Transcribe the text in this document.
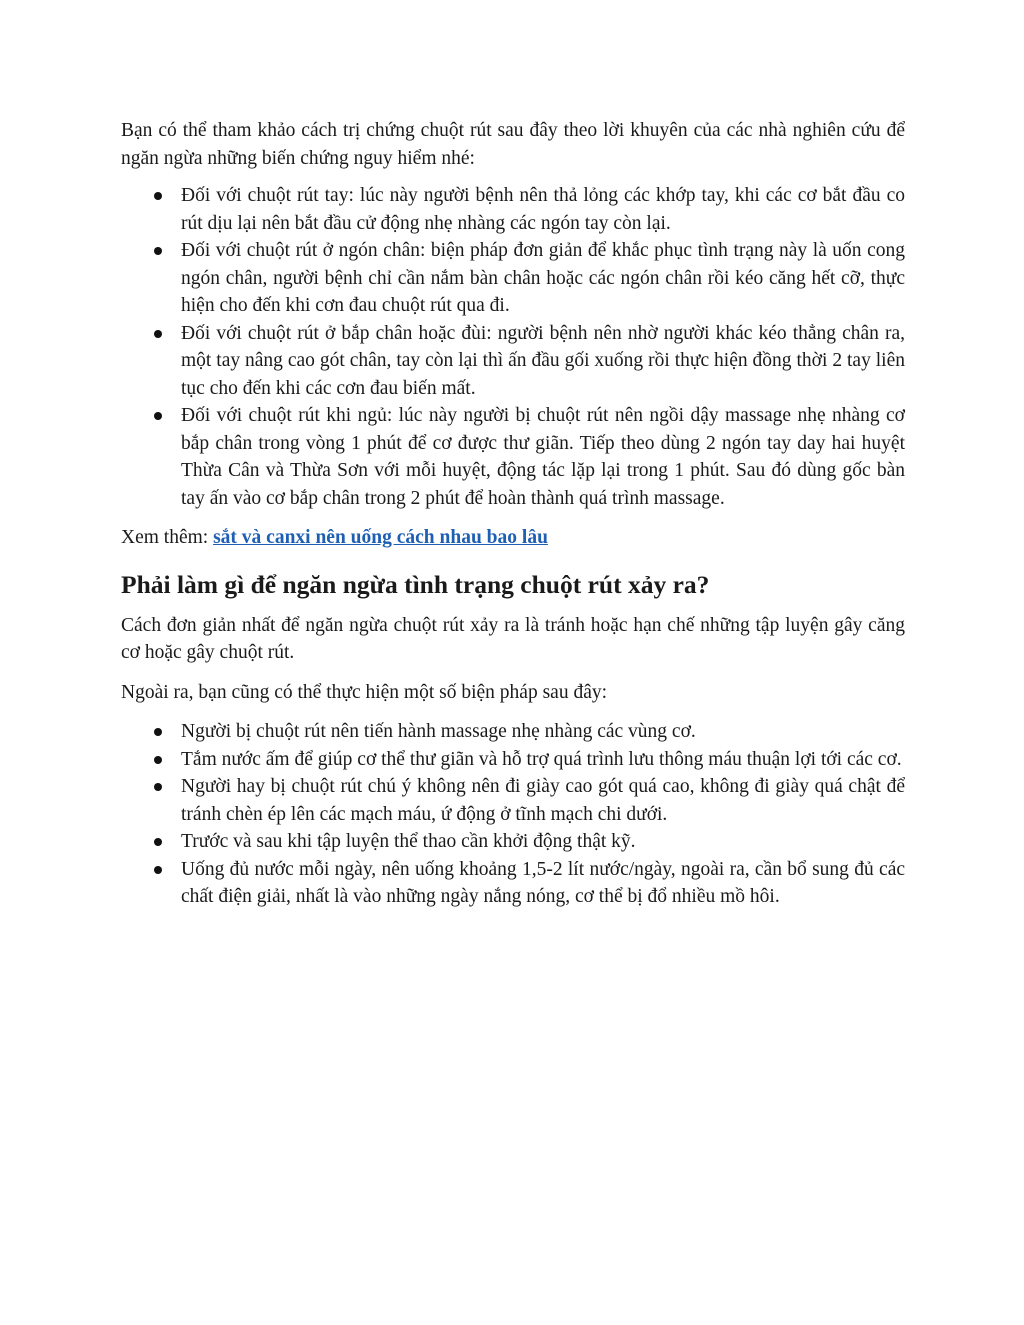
Bạn có thể tham khảo cách trị chứng chuột rút sau đây theo lời khuyên của các nhà nghiên cứu để ngăn ngừa những biến chứng nguy hiểm nhé:

Đối với chuột rút tay: lúc này người bệnh nên thả lỏng các khớp tay, khi các cơ bắt đầu co rút dịu lại nên bắt đầu cử động nhẹ nhàng các ngón tay còn lại.
Đối với chuột rút ở ngón chân: biện pháp đơn giản để khắc phục tình trạng này là uốn cong ngón chân, người bệnh chỉ cần nắm bàn chân hoặc các ngón chân rồi kéo căng hết cỡ, thực hiện cho đến khi cơn đau chuột rút qua đi.
Đối với chuột rút ở bắp chân hoặc đùi: người bệnh nên nhờ người khác kéo thẳng chân ra, một tay nâng cao gót chân, tay còn lại thì ấn đầu gối xuống rồi thực hiện đồng thời 2 tay liên tục cho đến khi các cơn đau biến mất.
Đối với chuột rút khi ngủ: lúc này người bị chuột rút nên ngồi dậy massage nhẹ nhàng cơ bắp chân trong vòng 1 phút để cơ được thư giãn. Tiếp theo dùng 2 ngón tay day hai huyệt Thừa Cân và Thừa Sơn với mỗi huyệt, động tác lặp lại trong 1 phút. Sau đó dùng gốc bàn tay ấn vào cơ bắp chân trong 2 phút để hoàn thành quá trình massage.

Xem thêm: sắt và canxi nên uống cách nhau bao lâu

Phải làm gì để ngăn ngừa tình trạng chuột rút xảy ra?

Cách đơn giản nhất để ngăn ngừa chuột rút xảy ra là tránh hoặc hạn chế những tập luyện gây căng cơ hoặc gây chuột rút.

Ngoài ra, bạn cũng có thể thực hiện một số biện pháp sau đây:

Người bị chuột rút nên tiến hành massage nhẹ nhàng các vùng cơ.
Tắm nước ấm để giúp cơ thể thư giãn và hỗ trợ quá trình lưu thông máu thuận lợi tới các cơ.
Người hay bị chuột rút chú ý không nên đi giày cao gót quá cao, không đi giày quá chật để tránh chèn ép lên các mạch máu, ứ động ở tĩnh mạch chi dưới.
Trước và sau khi tập luyện thể thao cần khởi động thật kỹ.
Uống đủ nước mỗi ngày, nên uống khoảng 1,5-2 lít nước/ngày, ngoài ra, cần bổ sung đủ các chất điện giải, nhất là vào những ngày nắng nóng, cơ thể bị đổ nhiều mồ hôi.
